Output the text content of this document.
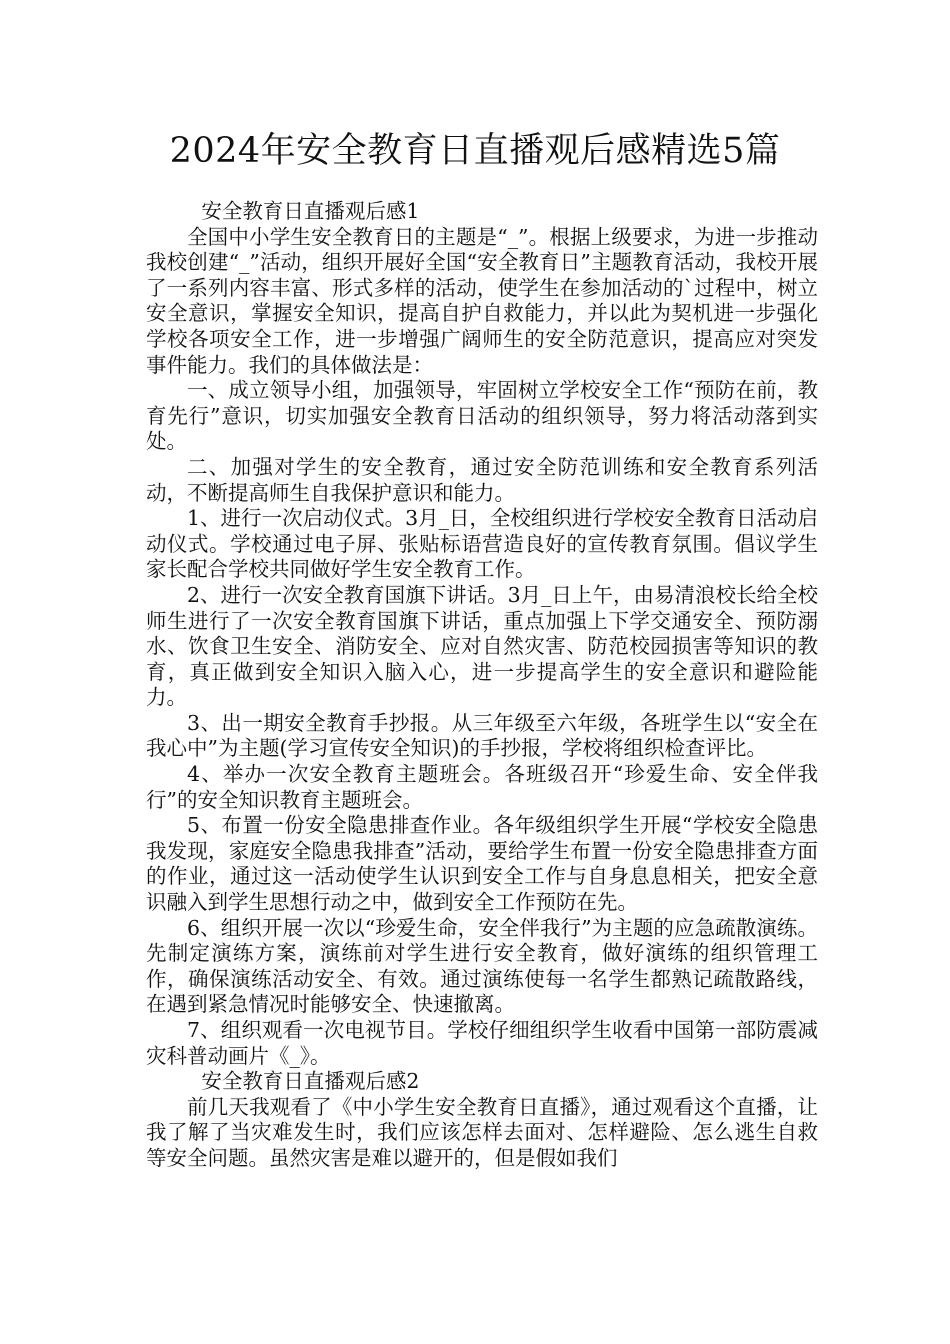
2024年安全教育日直播观后感精选5篇

安全教育日直播观后感1

全国中小学生安全教育日的主题是“_”。根据上级要求，为进一步推动我校创建“_”活动，组织开展好全国“安全教育日”主题教育活动，我校开展了一系列内容丰富、形式多样的活动，使学生在参加活动的`过程中，树立安全意识，掌握安全知识，提高自护自救能力，并以此为契机进一步强化学校各项安全工作，进一步增强广阔师生的安全防范意识，提高应对突发事件能力。我们的具体做法是：

一、成立领导小组，加强领导，牢固树立学校安全工作“预防在前，教育先行”意识，切实加强安全教育日活动的组织领导，努力将活动落到实处。

二、加强对学生的安全教育，通过安全防范训练和安全教育系列活动，不断提高师生自我保护意识和能力。

1、进行一次启动仪式。3月_日，全校组织进行学校安全教育日活动启动仪式。学校通过电子屏、张贴标语营造良好的宣传教育氛围。倡议学生家长配合学校共同做好学生安全教育工作。

2、进行一次安全教育国旗下讲话。3月_日上午，由易清浪校长给全校师生进行了一次安全教育国旗下讲话，重点加强上下学交通安全、预防溺水、饮食卫生安全、消防安全、应对自然灾害、防范校园损害等知识的教育，真正做到安全知识入脑入心，进一步提高学生的安全意识和避险能力。

3、出一期安全教育手抄报。从三年级至六年级，各班学生以“安全在我心中”为主题(学习宣传安全知识)的手抄报，学校将组织检查评比。

4、举办一次安全教育主题班会。各班级召开“珍爱生命、安全伴我行”的安全知识教育主题班会。

5、布置一份安全隐患排查作业。各年级组织学生开展“学校安全隐患我发现，家庭安全隐患我排查”活动，要给学生布置一份安全隐患排查方面的作业，通过这一活动使学生认识到安全工作与自身息息相关，把安全意识融入到学生思想行动之中，做到安全工作预防在先。

6、组织开展一次以“珍爱生命，安全伴我行”为主题的应急疏散演练。先制定演练方案，演练前对学生进行安全教育，做好演练的组织管理工作，确保演练活动安全、有效。通过演练使每一名学生都熟记疏散路线，在遇到紧急情况时能够安全、快速撤离。

7、组织观看一次电视节目。学校仔细组织学生收看中国第一部防震减灾科普动画片《_》。

安全教育日直播观后感2

前几天我观看了《中小学生安全教育日直播》，通过观看这个直播，让我了解了当灾难发生时，我们应该怎样去面对、怎样避险、怎么逃生自救等安全问题。虽然灾害是难以避开的，但是假如我们
